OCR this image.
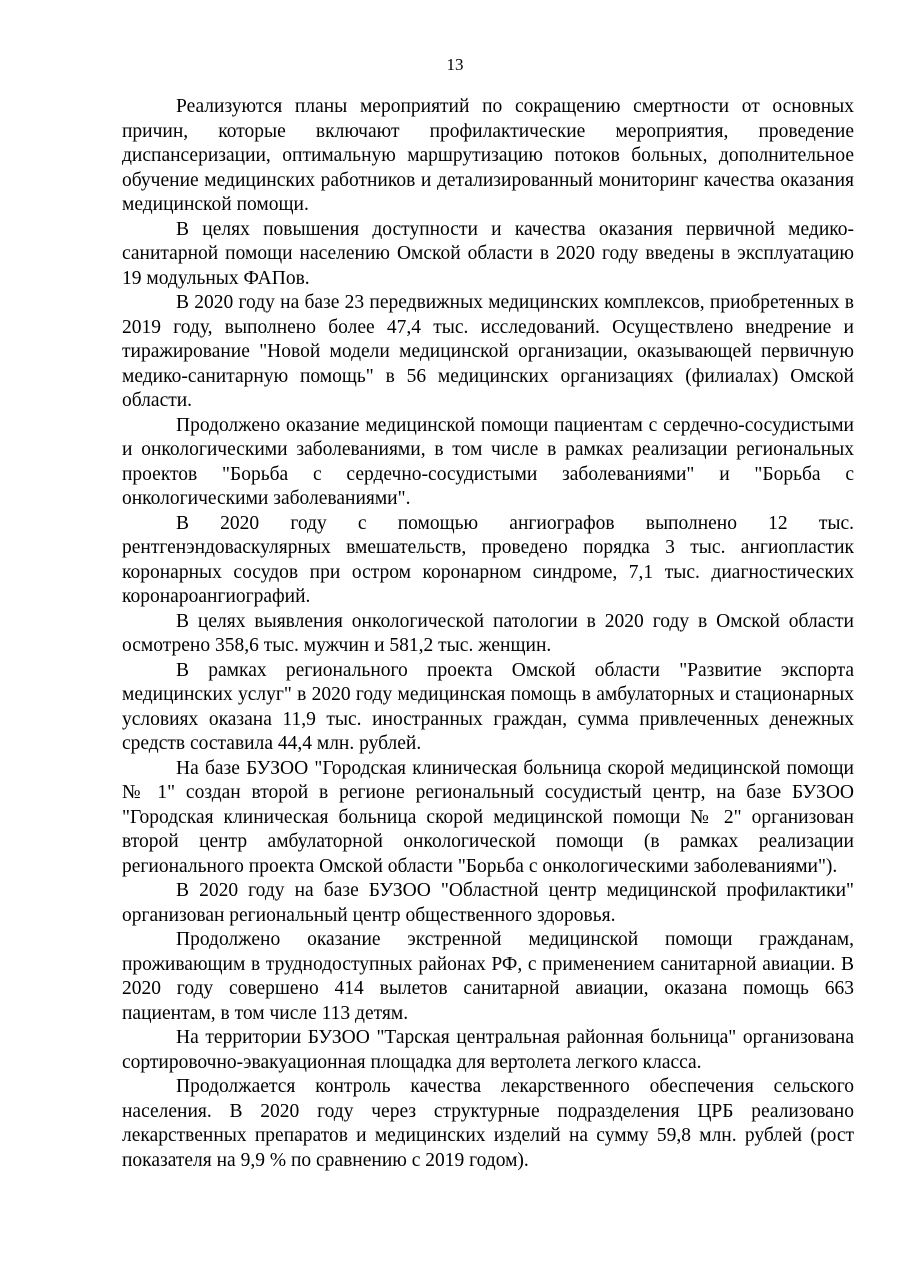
13

Реализуются планы мероприятий по сокращению смертности от основных причин, которые включают профилактические мероприятия, проведение диспансеризации, оптимальную маршрутизацию потоков больных, дополнительное обучение медицинских работников и детализированный мониторинг качества оказания медицинской помощи.

В целях повышения доступности и качества оказания первичной медико-санитарной помощи населению Омской области в 2020 году введены в эксплуатацию 19 модульных ФАПов.

В 2020 году на базе 23 передвижных медицинских комплексов, приобретенных в 2019 году, выполнено более 47,4 тыс. исследований. Осуществлено внедрение и тиражирование "Новой модели медицинской организации, оказывающей первичную медико-санитарную помощь" в 56 медицинских организациях (филиалах) Омской области.

Продолжено оказание медицинской помощи пациентам с сердечно-сосудистыми и онкологическими заболеваниями, в том числе в рамках реализации региональных проектов "Борьба с сердечно-сосудистыми заболеваниями" и "Борьба с онкологическими заболеваниями".

В 2020 году с помощью ангиографов выполнено 12 тыс. рентгенэндоваскулярных вмешательств, проведено порядка 3 тыс. ангиопластик коронарных сосудов при остром коронарном синдроме, 7,1 тыс. диагностических коронароангиографий.

В целях выявления онкологической патологии в 2020 году в Омской области осмотрено 358,6 тыс. мужчин и 581,2 тыс. женщин.

В рамках регионального проекта Омской области "Развитие экспорта медицинских услуг" в 2020 году медицинская помощь в амбулаторных и стационарных условиях оказана 11,9 тыс. иностранных граждан, сумма привлеченных денежных средств составила 44,4 млн. рублей.

На базе БУЗОО "Городская клиническая больница скорой медицинской помощи № 1" создан второй в регионе региональный сосудистый центр, на базе БУЗОО "Городская клиническая больница скорой медицинской помощи № 2" организован второй центр амбулаторной онкологической помощи (в рамках реализации регионального проекта Омской области "Борьба с онкологическими заболеваниями").

В 2020 году на базе БУЗОО "Областной центр медицинской профилактики" организован региональный центр общественного здоровья.

Продолжено оказание экстренной медицинской помощи гражданам, проживающим в труднодоступных районах РФ, с применением санитарной авиации. В 2020 году совершено 414 вылетов санитарной авиации, оказана помощь 663 пациентам, в том числе 113 детям.

На территории БУЗОО "Тарская центральная районная больница" организована сортировочно-эвакуационная площадка для вертолета легкого класса.

Продолжается контроль качества лекарственного обеспечения сельского населения. В 2020 году через структурные подразделения ЦРБ реализовано лекарственных препаратов и медицинских изделий на сумму 59,8 млн. рублей (рост показателя на 9,9 % по сравнению с 2019 годом).
